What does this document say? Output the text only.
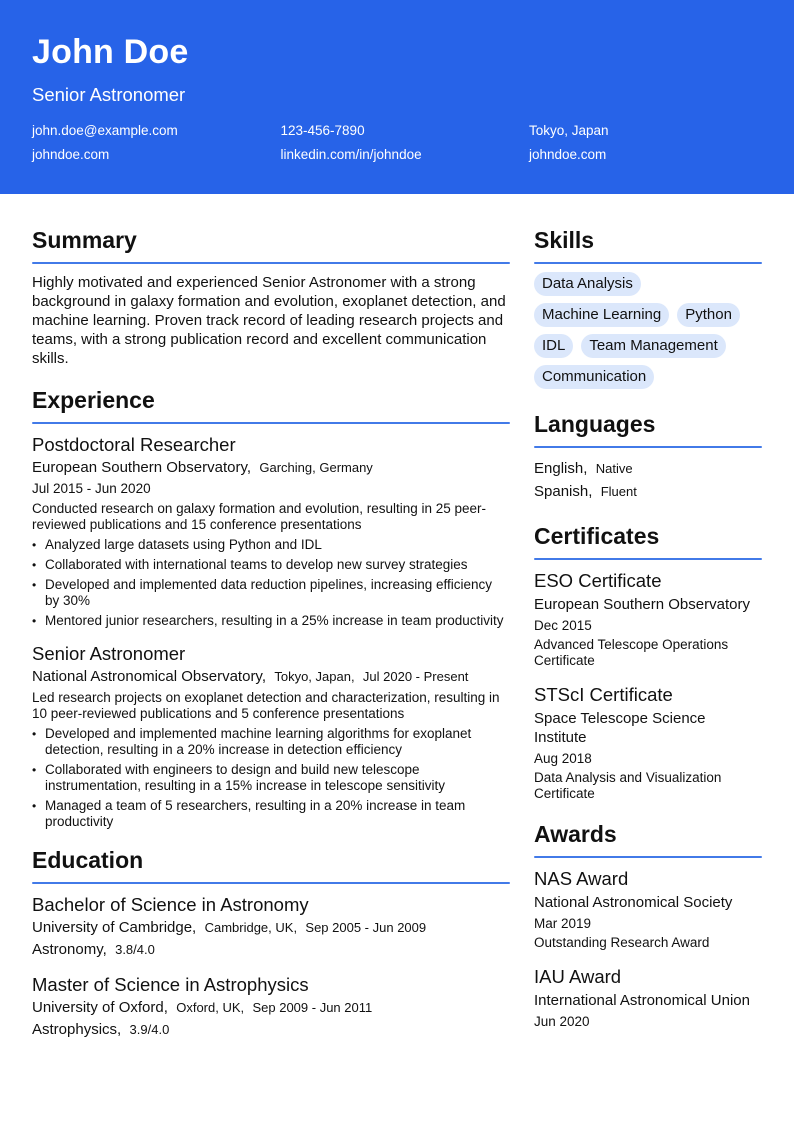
John Doe
Senior Astronomer
john.doe@example.com	123-456-7890	Tokyo, Japan
johndoe.com	linkedin.com/in/johndoe	johndoe.com
Summary

Highly motivated and experienced Senior Astronomer with a strong background in galaxy formation and evolution, exoplanet detection, and machine learning. Proven track record of leading research projects and teams, with a strong publication record and excellent communication skills.

Experience
Postdoctoral Researcher
European Southern Observatory, Garching, Germany
Jul 2015 - Jun 2020
Conducted research on galaxy formation and evolution, resulting in 25 peer-reviewed publications and 15 conference presentations
• Analyzed large datasets using Python and IDL
• Collaborated with international teams to develop new survey strategies
• Developed and implemented data reduction pipelines, increasing efficiency by 30%
• Mentored junior researchers, resulting in a 25% increase in team productivity
Senior Astronomer
National Astronomical Observatory, Tokyo, Japan, Jul 2020 - Present
Led research projects on exoplanet detection and characterization, resulting in 10 peer-reviewed publications and 5 conference presentations
• Developed and implemented machine learning algorithms for exoplanet detection, resulting in a 20% increase in detection efficiency
• Collaborated with engineers to design and build new telescope instrumentation, resulting in a 15% increase in telescope sensitivity
• Managed a team of 5 researchers, resulting in a 20% increase in team productivity
Education
Bachelor of Science in Astronomy
University of Cambridge, Cambridge, UK, Sep 2005 - Jun 2009
Astronomy, 3.8/4.0
Master of Science in Astrophysics
University of Oxford, Oxford, UK, Sep 2009 - Jun 2011
Astrophysics, 3.9/4.0
Skills
Data Analysis
Machine Learning	Python
IDL	Team Management
Communication
Languages
English, Native
Spanish, Fluent
Certificates
ESO Certificate
European Southern Observatory
Dec 2015
Advanced Telescope Operations Certificate
STScI Certificate
Space Telescope Science Institute
Aug 2018
Data Analysis and Visualization Certificate
Awards
NAS Award
National Astronomical Society
Mar 2019
Outstanding Research Award
IAU Award
International Astronomical Union
Jun 2020
